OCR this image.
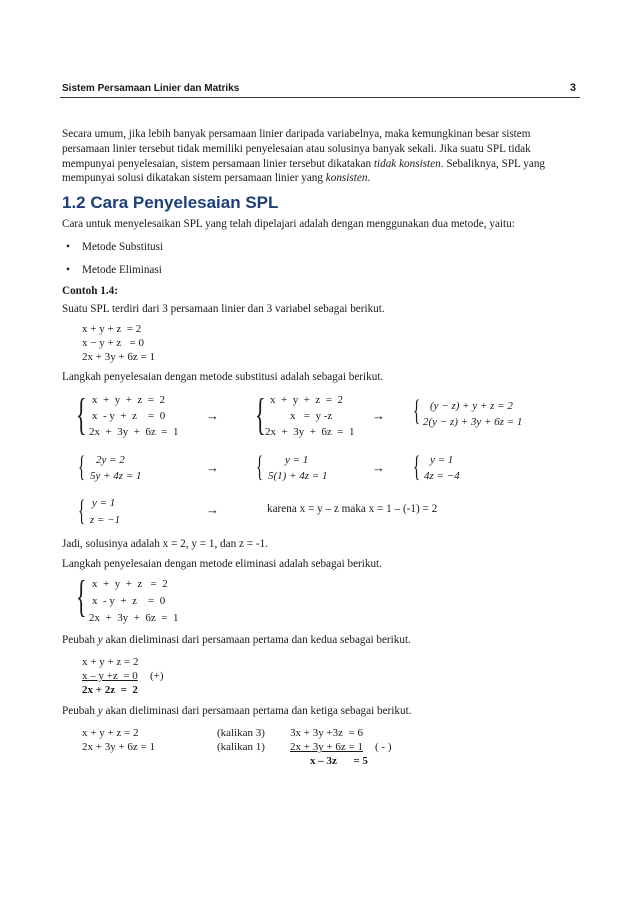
Sistem Persamaan Linier dan Matriks	3
Secara umum, jika lebih banyak persamaan linier daripada variabelnya, maka kemungkinan besar sistem
persamaan linier tersebut tidak memiliki penyelesaian atau solusinya banyak sekali. Jika suatu SPL tidak
mempunyai penyelesaian, sistem persamaan linier tersebut dikatakan tidak konsisten. Sebaliknya, SPL yang
mempunyai solusi dikatakan sistem persamaan linier yang konsisten.
1.2 Cara Penyelesaian SPL
Cara untuk menyelesaikan SPL yang telah dipelajari adalah dengan menggunakan dua metode, yaitu:
• Metode Substitusi
• Metode Eliminasi
Contoh 1.4:
Suatu SPL terdiri dari 3 persamaan linier dan 3 variabel sebagai berikut.
x + y + z  = 2
x − y + z   = 0
2x + 3y + 6z = 1
Langkah penyelesaian dengan metode substitusi adalah sebagai berikut.
{ x  +  y  +  z  =  2
x  - y  +  z    =  0
2x  +  3y  +  6z  =  1
→ { x  +  y  +  z  =  2
x   =  y -z
2x  +  3y  +  6z  =  1
→ { (y − z) + y + z = 2
2(y − z) + 3y + 6z = 1
{ 2y = 2
5y + 4z = 1
→ { y = 1
5(1) + 4z = 1
→ { y = 1
4z = −4
{ y = 1
z = −1
→	karena x = y – z maka x = 1 – (-1) = 2
Jadi, solusinya adalah x = 2, y = 1, dan z = -1.
Langkah penyelesaian dengan metode eliminasi adalah sebagai berikut.
{ x  +  y  +  z   =  2
x  - y  +  z    =  0
2x  +  3y  +  6z  =  1
Peubah y akan dieliminasi dari persamaan pertama dan kedua sebagai berikut.
x + y + z = 2
x – y +z  = 0 (+)
2x + 2z  =  2
Peubah y akan dieliminasi dari persamaan pertama dan ketiga sebagai berikut.
x + y + z = 2
2x + 3y + 6z = 1
(kalikan 3)
(kalikan 1)
3x + 3y +3z  = 6
2x + 3y + 6z = 1 ( - )
x – 3z      = 5
